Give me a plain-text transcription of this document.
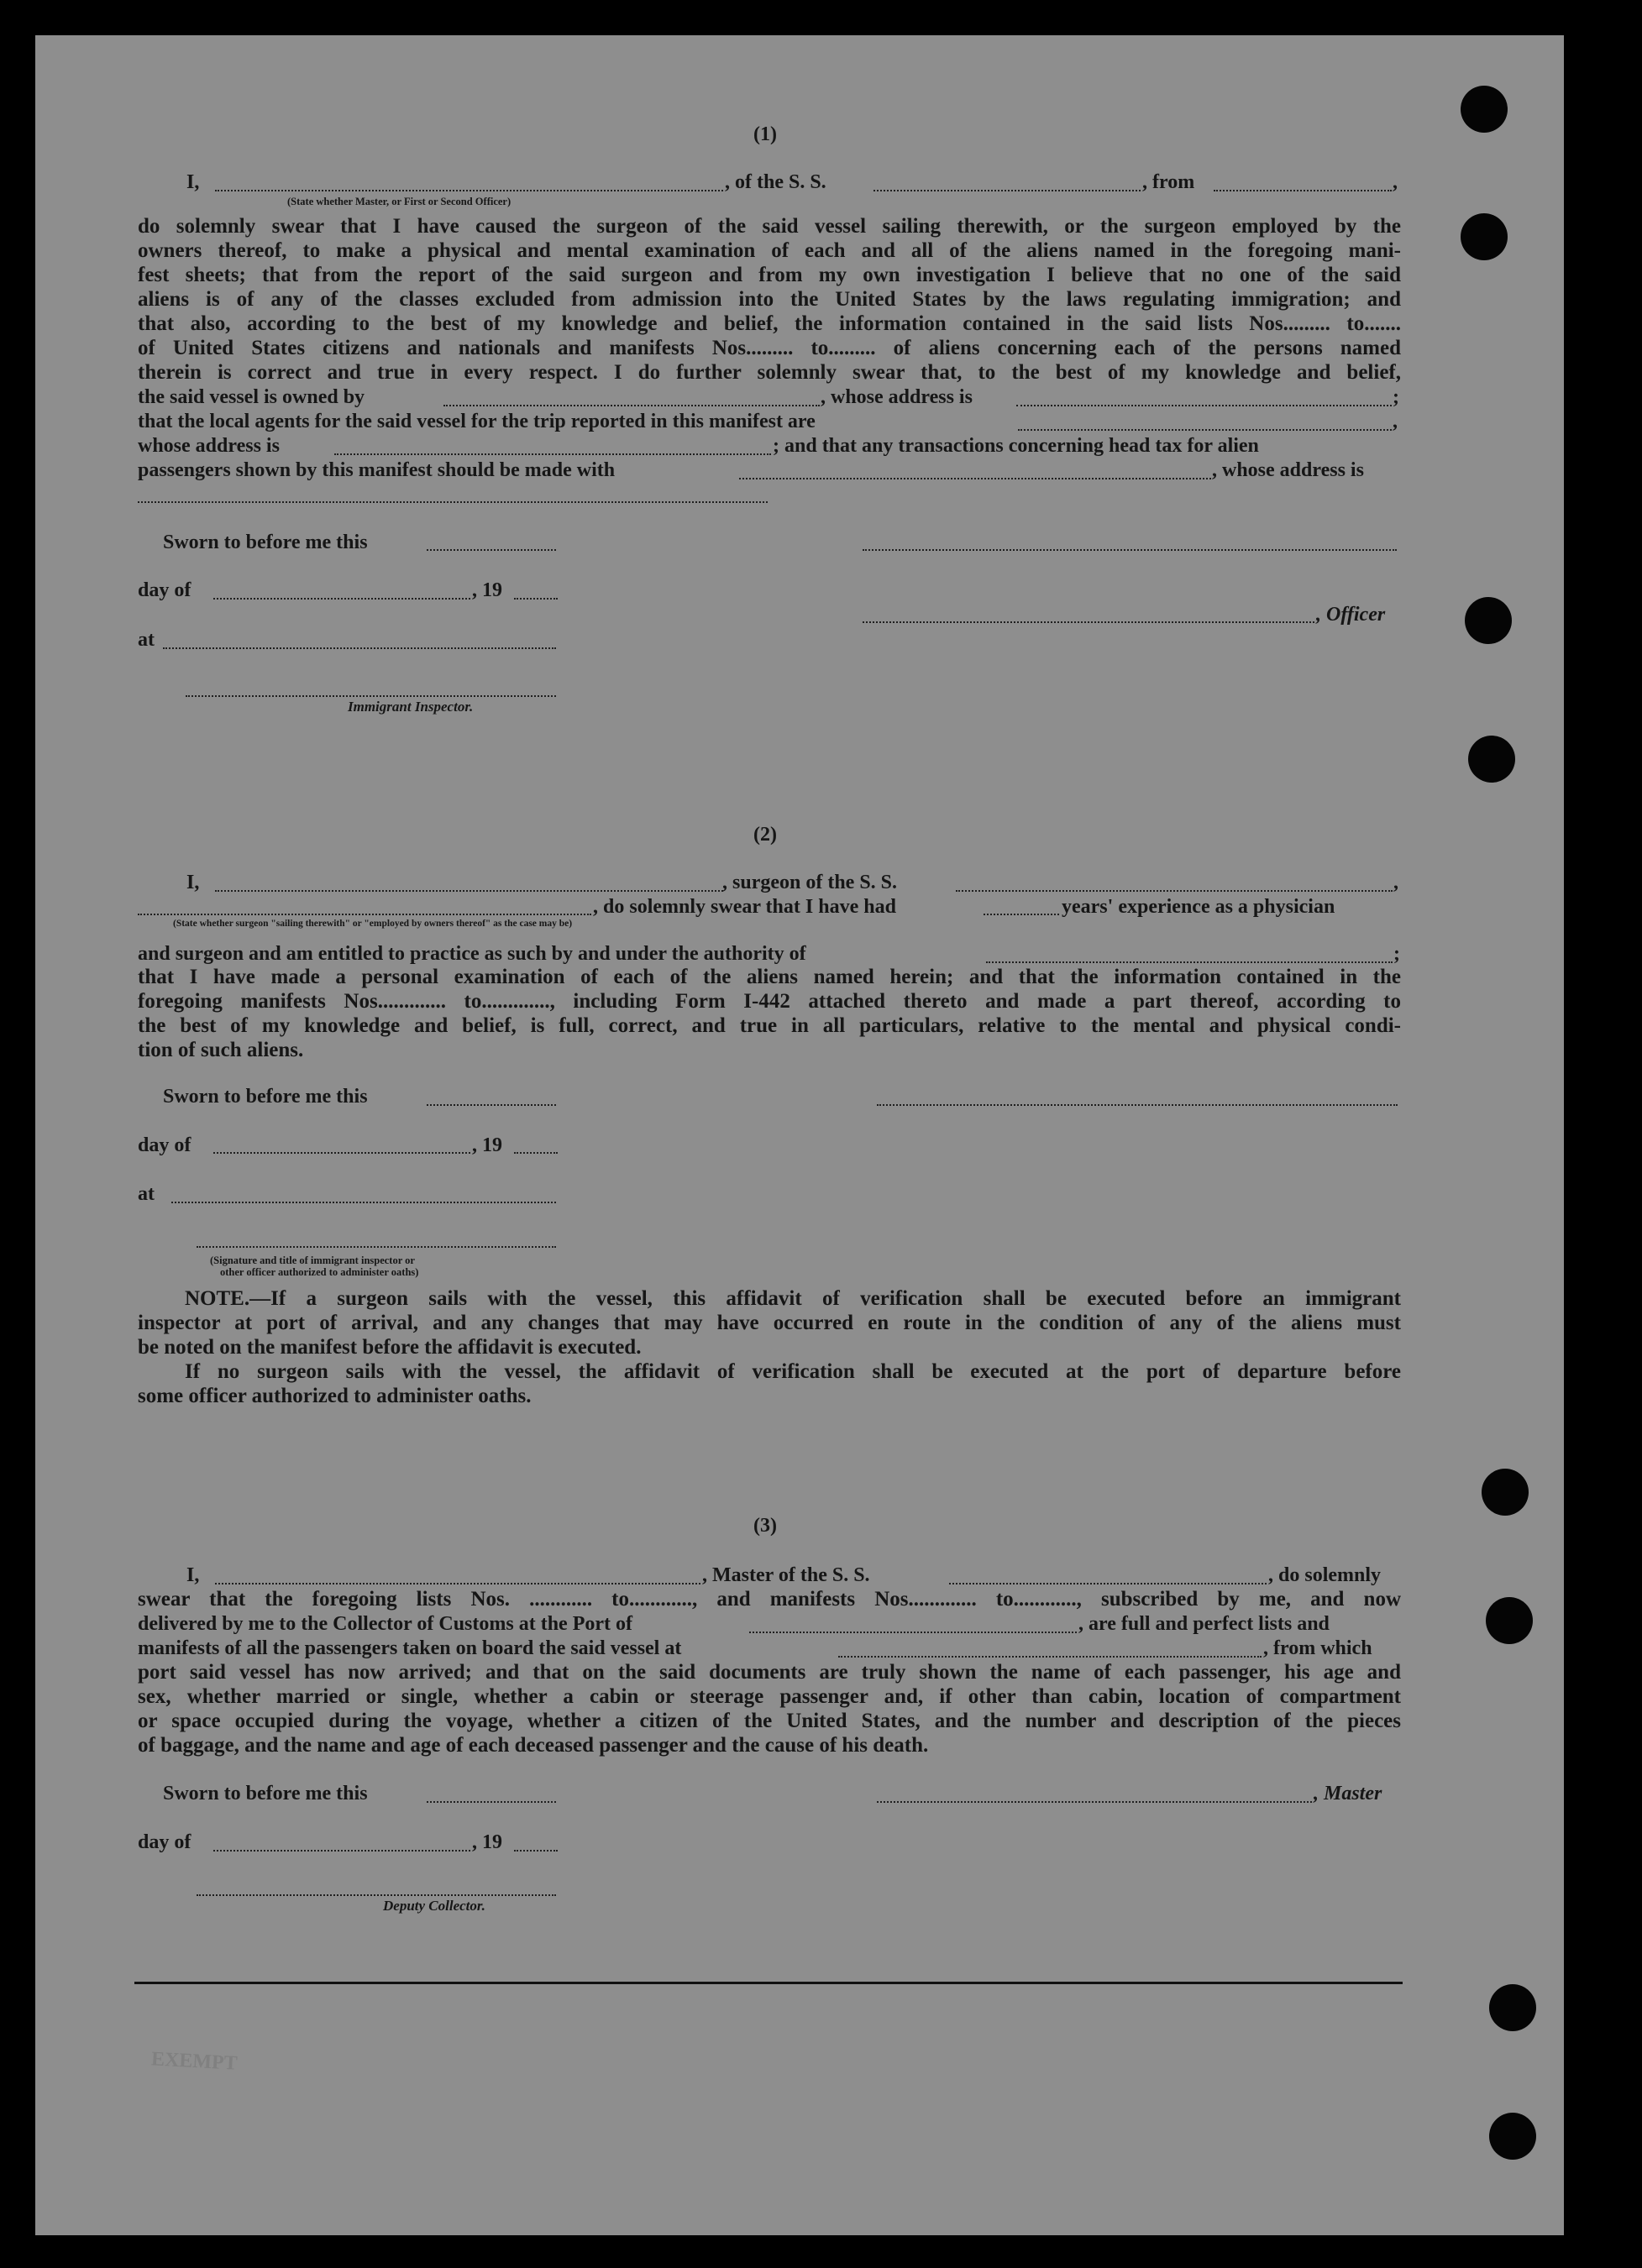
(1)
I,	, of the S. S.	, from	,
(State whether Master, or First or Second Officer)
do solemnly swear that I have caused the surgeon of the said vessel sailing therewith, or the surgeon employed by the
owners thereof, to make a physical and mental examination of each and all of the aliens named in the foregoing mani-
fest sheets; that from the report of the said surgeon and from my own investigation I believe that no one of the said
aliens is of any of the classes excluded from admission into the United States by the laws regulating immigration; and
that also, according to the best of my knowledge and belief, the information contained in the said lists Nos......... to.......
of United States citizens and nationals and manifests Nos......... to......... of aliens concerning each of the persons named
therein is correct and true in every respect. I do further solemnly swear that, to the best of my knowledge and belief,
the said vessel is owned by	, whose address is	;
that the local agents for the said vessel for the trip reported in this manifest are	,
whose address is	; and that any transactions concerning head tax for alien
passengers shown by this manifest should be made with	, whose address is
Sworn to before me this
day of	, 19
, Officer
at
Immigrant Inspector.
(2)
I,	, surgeon of the S. S.	,
, do solemnly swear that I have had	years' experience as a physician
(State whether surgeon "sailing therewith" or "employed by owners thereof" as the case may be)
and surgeon and am entitled to practice as such by and under the authority of	;
that I have made a personal examination of each of the aliens named herein; and that the information contained in the
foregoing manifests Nos............. to............., including Form I-442 attached thereto and made a part thereof, according to
the best of my knowledge and belief, is full, correct, and true in all particulars, relative to the mental and physical condi-
tion of such aliens.
Sworn to before me this
day of	, 19
at
(Signature and title of immigrant inspector or
other officer authorized to administer oaths)
NOTE.—If a surgeon sails with the vessel, this affidavit of verification shall be executed before an immigrant
inspector at port of arrival, and any changes that may have occurred en route in the condition of any of the aliens must
be noted on the manifest before the affidavit is executed.
If no surgeon sails with the vessel, the affidavit of verification shall be executed at the port of departure before
some officer authorized to administer oaths.
(3)
I,	, Master of the S. S.	, do solemnly
swear that the foregoing lists Nos. ............ to............, and manifests Nos............. to............, subscribed by me, and now
delivered by me to the Collector of Customs at the Port of	, are full and perfect lists and
manifests of all the passengers taken on board the said vessel at	, from which
port said vessel has now arrived; and that on the said documents are truly shown the name of each passenger, his age and
sex, whether married or single, whether a cabin or steerage passenger and, if other than cabin, location of compartment
or space occupied during the voyage, whether a citizen of the United States, and the number and description of the pieces
of baggage, and the name and age of each deceased passenger and the cause of his death.
Sworn to before me this	, Master
day of	, 19
Deputy Collector.
EXEMPT
